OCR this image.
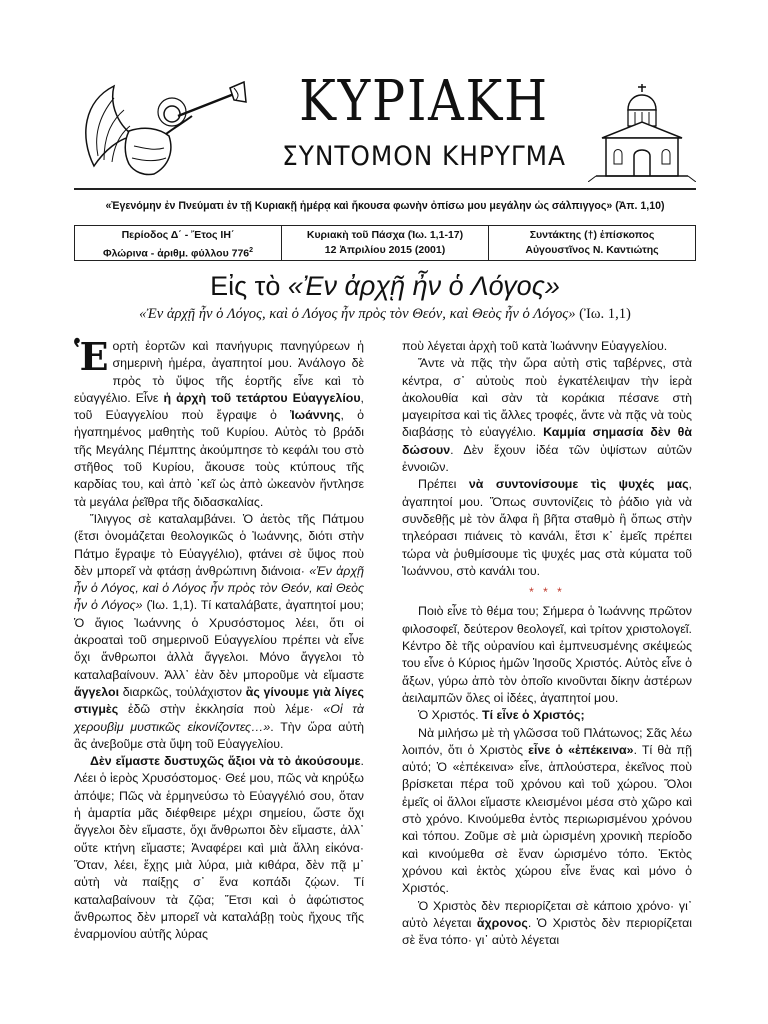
ΚΥΡΙΑΚΗ
ΣΥΝΤΟΜΟΝ ΚΗΡΥΓΜΑ
«Ἐγενόμην ἐν Πνεύματι ἐν τῇ Κυριακῇ ἡμέρᾳ καὶ ἤκουσα φωνὴν ὀπίσω μου μεγάλην ὡς σάλπιγγος» (Ἀπ. 1,10)
Περίοδος Δ΄ - Ἔτος ΙΗ΄
Φλώρινα - ἀριθμ. φύλλου $776^2$
Κυριακὴ τοῦ Πάσχα (Ἰω. 1,1-17)
12 Ἀπριλίου 2015 (2001)
Συντάκτης (†) ἐπίσκοπος
Αὐγουστῖνος Ν. Καντιώτης
Εἰς τὸ «Ἐν ἀρχῇ ἦν ὁ Λόγος»
«Ἐν ἀρχῇ ἦν ὁ Λόγος, καὶ ὁ Λόγος ἦν πρὸς τὸν Θεόν, καὶ Θεὸς ἦν ὁ Λόγος» (Ἰω. 1,1)

Ἑορτὴ ἑορτῶν καὶ πανήγυρις πανηγύρεων ἡ σημερινὴ ἡμέρα, ἀγαπητοί μου. Ἀνάλογο δὲ πρὸς τὸ ὕψος τῆς ἑορτῆς εἶνε καὶ τὸ εὐαγγέλιο. Εἶνε ἡ ἀρχὴ τοῦ τετάρτου Εὐαγγελίου, τοῦ Εὐαγγελίου ποὺ ἔγραψε ὁ Ἰωάννης, ὁ ἠγαπημένος μαθητὴς τοῦ Κυρίου. Αὐτὸς τὸ βράδι τῆς Μεγάλης Πέμπτης ἀκούμπησε τὸ κεφάλι του στὸ στῆθος τοῦ Κυρίου, ἄκουσε τοὺς κτύπους τῆς καρδίας του, καὶ ἀπὸ ᾿κεῖ ὡς ἀπὸ ὠκεανὸν ἤντλησε τὰ μεγάλα ῥεῖθρα τῆς διδασκαλίας.

Ἴλιγγος σὲ καταλαμβάνει. Ὁ ἀετὸς τῆς Πάτμου (ἔτσι ὀνομάζεται θεολογικῶς ὁ Ἰωάννης, διότι στὴν Πάτμο ἔγραψε τὸ Εὐαγγέλιο), φτάνει σὲ ὕψος ποὺ δὲν μπορεῖ νὰ φτάσῃ ἀνθρώπινη διάνοια· «Ἐν ἀρχῇ ἦν ὁ Λόγος, καὶ ὁ Λόγος ἦν πρὸς τὸν Θεόν, καὶ Θεὸς ἦν ὁ Λόγος» (Ἰω. 1,1). Τί καταλάβατε, ἀγαπητοί μου; Ὁ ἅγιος Ἰωάννης ὁ Χρυσόστομος λέει, ὅτι οἱ ἀκροαταὶ τοῦ σημερινοῦ Εὐαγγελίου πρέπει νὰ εἶνε ὄχι ἄνθρωποι ἀλλὰ ἄγγελοι. Μόνο ἄγγελοι τὸ καταλαβαίνουν. Ἀλλ᾿ ἐὰν δὲν μποροῦμε νὰ εἴμαστε ἄγγελοι διαρκῶς, τοὐλάχιστον ἂς γίνουμε γιὰ λίγες στιγμὲς ἐδῶ στὴν ἐκκλησία ποὺ λέμε· «Οἱ τὰ χερουβὶμ μυστικῶς εἰκονίζοντες…». Τὴν ὥρα αὐτὴ ἂς ἀνεβοῦμε στὰ ὕψη τοῦ Εὐαγγελίου.

Δὲν εἴμαστε δυστυχῶς ἄξιοι νὰ τὸ ἀκούσουμε. Λέει ὁ ἱερὸς Χρυσόστομος· Θεέ μου, πῶς νὰ κηρύξω ἀπόψε; Πῶς νὰ ἑρμηνεύσω τὸ Εὐαγγέλιό σου, ὅταν ἡ ἁμαρτία μᾶς διέφθειρε μέχρι σημείου, ὥστε ὄχι ἄγγελοι δὲν εἴμαστε, ὄχι ἄνθρωποι δὲν εἴμαστε, ἀλλ᾿ οὔτε κτήνη εἴμαστε; Ἀναφέρει καὶ μιὰ ἄλλη εἰκόνα· Ὅταν, λέει, ἔχῃς μιὰ λύρα, μιὰ κιθάρα, δὲν πᾷ μ᾿ αὐτὴ νὰ παίξῃς σ᾿ ἕνα κοπάδι ζῴων. Τί καταλαβαίνουν τὰ ζῷα; Ἔτσι καὶ ὁ ἀφώτιστος ἄνθρωπος δὲν μπορεῖ νὰ καταλάβῃ τοὺς ἤχους τῆς ἐναρμονίου αὐτῆς λύρας

ποὺ λέγεται ἀρχὴ τοῦ κατὰ Ἰωάννην Εὐαγγελίου.

Ἄντε νὰ πᾷς τὴν ὥρα αὐτὴ στὶς ταβέρνες, στὰ κέντρα, σ᾿ αὐτοὺς ποὺ ἐγκατέλειψαν τὴν ἱερὰ ἀκολουθία καὶ σὰν τὰ κοράκια πέσανε στὴ μαγειρίτσα καὶ τὶς ἄλλες τροφές, ἄντε νὰ πᾷς νὰ τοὺς διαβάσῃς τὸ εὐαγγέλιο. Καμμία σημασία δὲν θὰ δώσουν. Δὲν ἔχουν ἰδέα τῶν ὑψίστων αὐτῶν ἐννοιῶν.

Πρέπει νὰ συντονίσουμε τὶς ψυχές μας, ἀγαπητοί μου. Ὅπως συντονίζεις τὸ ῥάδιο γιὰ νὰ συνδεθῇς μὲ τὸν ἄλφα ἢ βῆτα σταθμὸ ἢ ὅπως στὴν τηλεόρασι πιάνεις τὸ κανάλι, ἔτσι κ᾿ ἐμεῖς πρέπει τώρα νὰ ῥυθμίσουμε τὶς ψυχές μας στὰ κύματα τοῦ Ἰωάννου, στὸ κανάλι του.

* * *

Ποιὸ εἶνε τὸ θέμα του; Σήμερα ὁ Ἰωάννης πρῶτον φιλοσοφεῖ, δεύτερον θεολογεῖ, καὶ τρίτον χριστολογεῖ. Κέντρο δὲ τῆς οὐρανίου καὶ ἐμπνευσμένης σκέψεώς του εἶνε ὁ Κύριος ἡμῶν Ἰησοῦς Χριστός. Αὐτὸς εἶνε ὁ ἄξων, γύρω ἀπὸ τὸν ὁποῖο κινοῦνται δίκην ἀστέρων ἀειλαμπῶν ὅλες οἱ ἰδέες, ἀγαπητοί μου.

Ὁ Χριστός. Τί εἶνε ὁ Χριστός;

Νὰ μιλήσω μὲ τὴ γλῶσσα τοῦ Πλάτωνος; Σᾶς λέω λοιπόν, ὅτι ὁ Χριστὸς εἶνε ὁ «ἐπέκεινα». Τί θὰ πῇ αὐτό; Ὁ «ἐπέκεινα» εἶνε, ἁπλούστερα, ἐκεῖνος ποὺ βρίσκεται πέρα τοῦ χρόνου καὶ τοῦ χώρου. Ὅλοι ἐμεῖς οἱ ἄλλοι εἴμαστε κλεισμένοι μέσα στὸ χῶρο καὶ στὸ χρόνο. Κινούμεθα ἐντὸς περιωρισμένου χρόνου καὶ τόπου. Ζοῦμε σὲ μιὰ ὡρισμένη χρονικὴ περίοδο καὶ κινούμεθα σὲ ἕναν ὡρισμένο τόπο. Ἐκτὸς χρόνου καὶ ἐκτὸς χώρου εἶνε ἕνας καὶ μόνο ὁ Χριστός.

Ὁ Χριστὸς δὲν περιορίζεται σὲ κάποιο χρόνο· γι᾿ αὐτὸ λέγεται ἄχρονος. Ὁ Χριστὸς δὲν περιορίζεται σὲ ἕνα τόπο· γι᾿ αὐτὸ λέγεται
